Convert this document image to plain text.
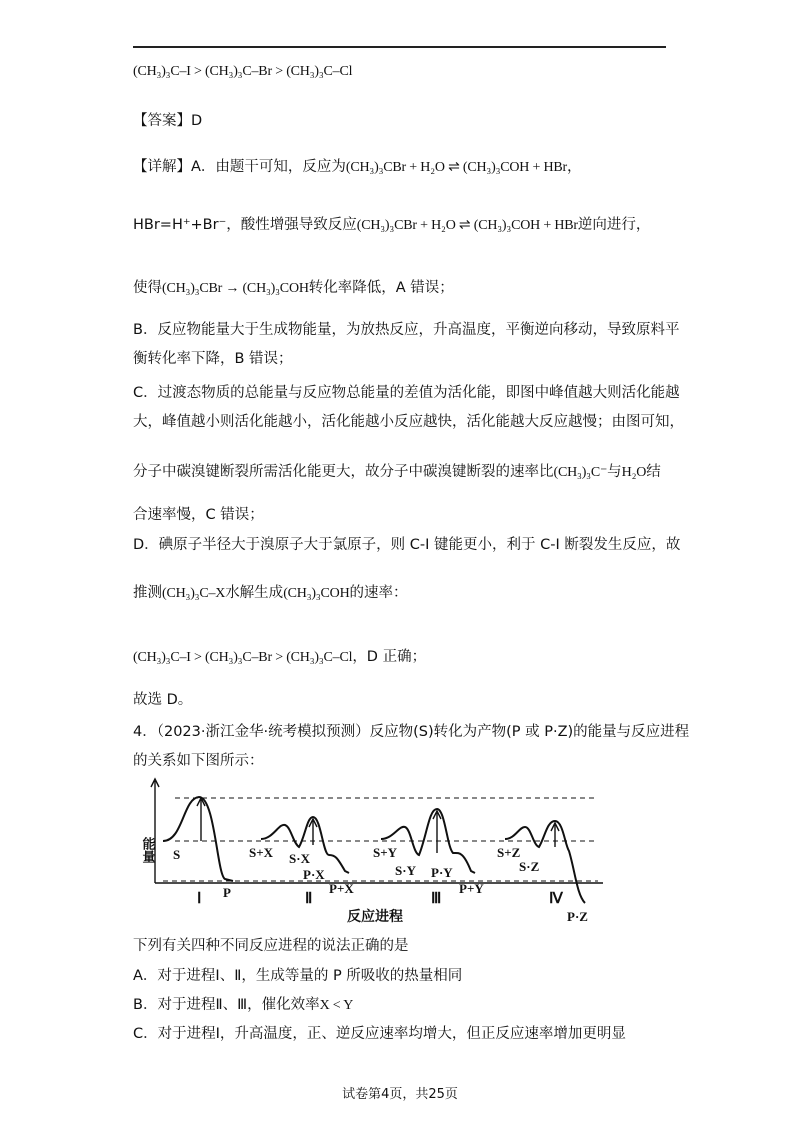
(CH₃)₃C–I > (CH₃)₃C–Br > (CH₃)₃C–Cl
【答案】D
【详解】A．由题干可知，反应为(CH₃)₃CBr + H₂O ⇌ (CH₃)₃COH + HBr，
HBr=H⁺+Br⁻，酸性增强导致反应(CH₃)₃CBr + H₂O ⇌ (CH₃)₃COH + HBr逆向进行，
使得(CH₃)₃CBr → (CH₃)₃COH转化率降低，A 错误；
B．反应物能量大于生成物能量，为放热反应，升高温度，平衡逆向移动，导致原料平
衡转化率下降，B 错误；
C．过渡态物质的总能量与反应物总能量的差值为活化能，即图中峰值越大则活化能越
大，峰值越小则活化能越小，活化能越小反应越快，活化能越大反应越慢；由图可知，
分子中碳溴键断裂所需活化能更大，故分子中碳溴键断裂的速率比(CH₃)₃C⁻与H₂O结
合速率慢，C 错误；
D．碘原子半径大于溴原子大于氯原子，则 C-I 键能更小，利于 C-I 断裂发生反应，故
推测(CH₃)₃C–X水解生成(CH₃)₃COH的速率：
(CH₃)₃C–I > (CH₃)₃C–Br > (CH₃)₃C–Cl，D 正确；
故选 D。
4．（2023·浙江金华·统考模拟预测）反应物(S)转化为产物(P 或 P·Z)的能量与反应进程
的关系如下图所示：
能量 S
P
S+X S·X
P·X
P+X
S+Y
S·Y P·Y
P+Y
S+Z
S·Z
P·Z
Ⅰ	Ⅱ	Ⅲ	Ⅳ
反应进程
下列有关四种不同反应进程的说法正确的是
A．对于进程Ⅰ、Ⅱ，生成等量的 P 所吸收的热量相同
B．对于进程Ⅱ、Ⅲ，催化效率X < Y
C．对于进程Ⅰ，升高温度，正、逆反应速率均增大，但正反应速率增加更明显
试卷第4页，共25页
